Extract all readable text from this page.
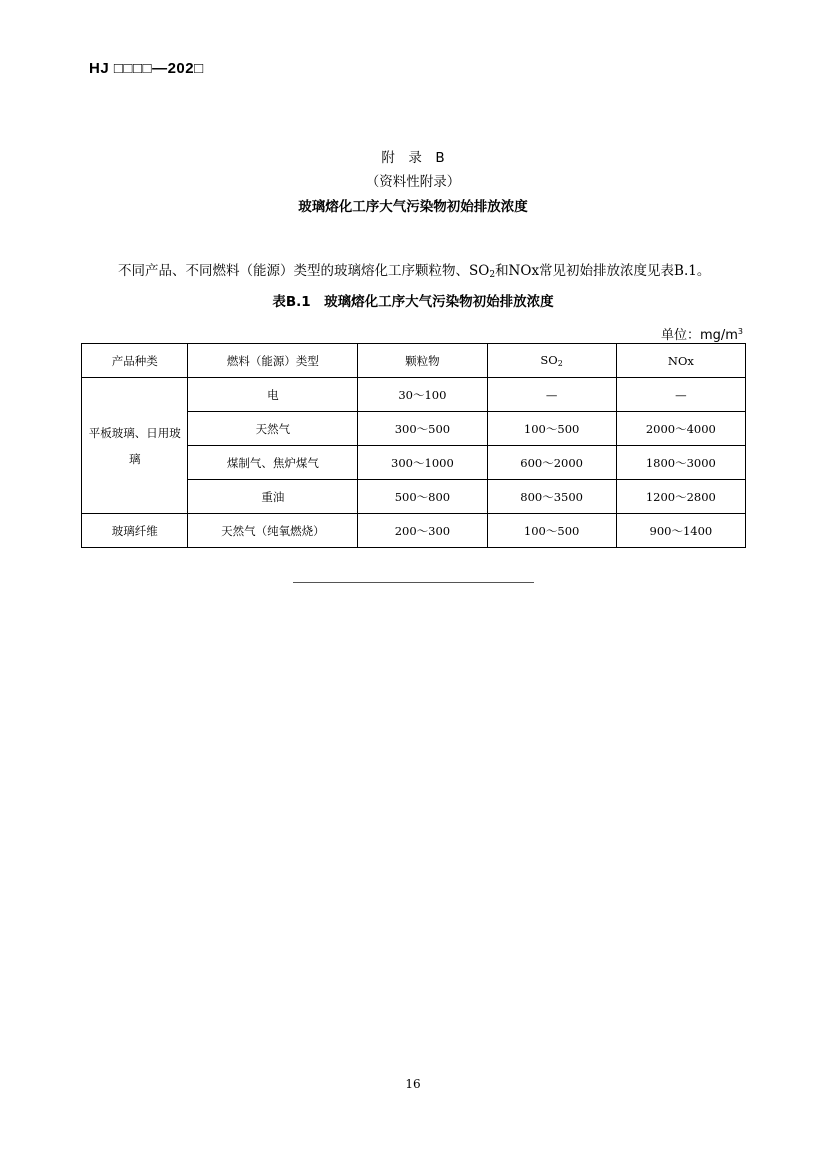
HJ □□□□—202□
附　录　B
（资料性附录）
玻璃熔化工序大气污染物初始排放浓度
不同产品、不同燃料（能源）类型的玻璃熔化工序颗粒物、$SO_2$和NOx常见初始排放浓度见表B.1。
表B.1　玻璃熔化工序大气污染物初始排放浓度
单位：$mg/m^3$
产品种类	燃料（能源）类型	颗粒物	$SO_2$	NOx
平板玻璃、日用玻璃	电	30～100	—	—
	天然气	300～500	100～500	2000～4000
	煤制气、焦炉煤气	300～1000	600～2000	1800～3000
	重油	500～800	800～3500	1200～2800
玻璃纤维	天然气（纯氧燃烧）	200～300	100～500	900～1400
16
